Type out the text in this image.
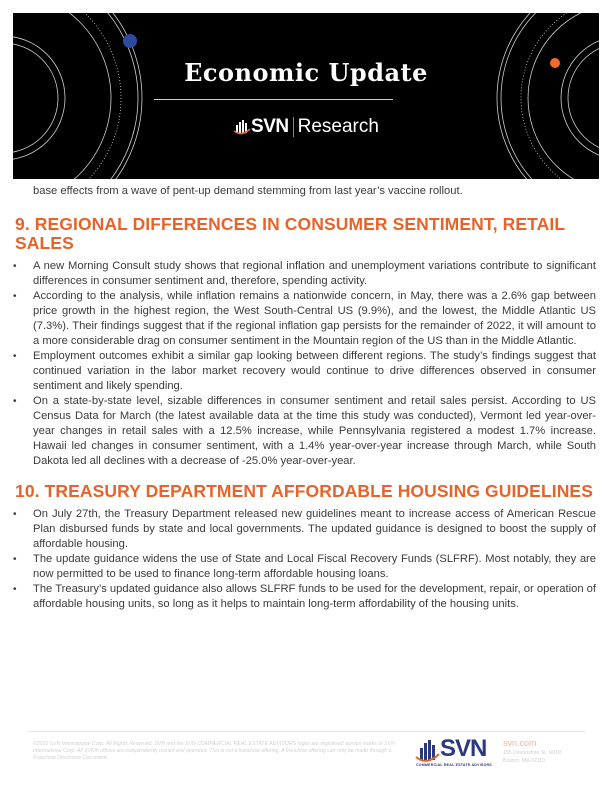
Economic Update
SVN Research

base effects from a wave of pent-up demand stemming from last year’s vaccine rollout.

9. REGIONAL DIFFERENCES IN CONSUMER SENTIMENT, RETAIL SALES
• A new Morning Consult study shows that regional inflation and unemployment variations contribute to significant differences in consumer sentiment and, therefore, spending activity.
• According to the analysis, while inflation remains a nationwide concern, in May, there was a 2.6% gap between price growth in the highest region, the West South-Central US (9.9%), and the lowest, the Middle Atlantic US (7.3%). Their findings suggest that if the regional inflation gap persists for the remainder of 2022, it will amount to a more considerable drag on consumer sentiment in the Mountain region of the US than in the Middle Atlantic.
• Employment outcomes exhibit a similar gap looking between different regions. The study’s findings suggest that continued variation in the labor market recovery would continue to drive differences observed in consumer sentiment and likely spending.
• On a state-by-state level, sizable differences in consumer sentiment and retail sales persist. According to US Census Data for March (the latest available data at the time this study was conducted), Vermont led year-over-year changes in retail sales with a 12.5% increase, while Pennsylvania registered a modest 1.7% increase. Hawaii led changes in consumer sentiment, with a 1.4% year-over-year increase through March, while South Dakota led all declines with a decrease of -25.0% year-over-year.
10. TREASURY DEPARTMENT AFFORDABLE HOUSING GUIDELINES
• On July 27th, the Treasury Department released new guidelines meant to increase access of American Rescue Plan disbursed funds by state and local governments. The updated guidance is designed to boost the supply of affordable housing.
• The update guidance widens the use of State and Local Fiscal Recovery Funds (SLFRF). Most notably, they are now permitted to be used to finance long-term affordable housing loans.
• The Treasury’s updated guidance also allows SLFRF funds to be used for the development, repair, or operation of affordable housing units, so long as it helps to maintain long-term affordability of the housing units.
©2022 SVN International Corp. All Rights Reserved. SVN and the SVN COMMERCIAL REAL ESTATE ADVISORS logos are registered service marks of SVN International Corp. All SVN® offices are independently owned and operated. This is not a franchise offering. A franchise offering can only be made through a Franchise Disclosure Document.	SVN
COMMERCIAL REAL ESTATE ADVISORS
svn.com
185 Devonshire St. M102
Boston, MA 02110
